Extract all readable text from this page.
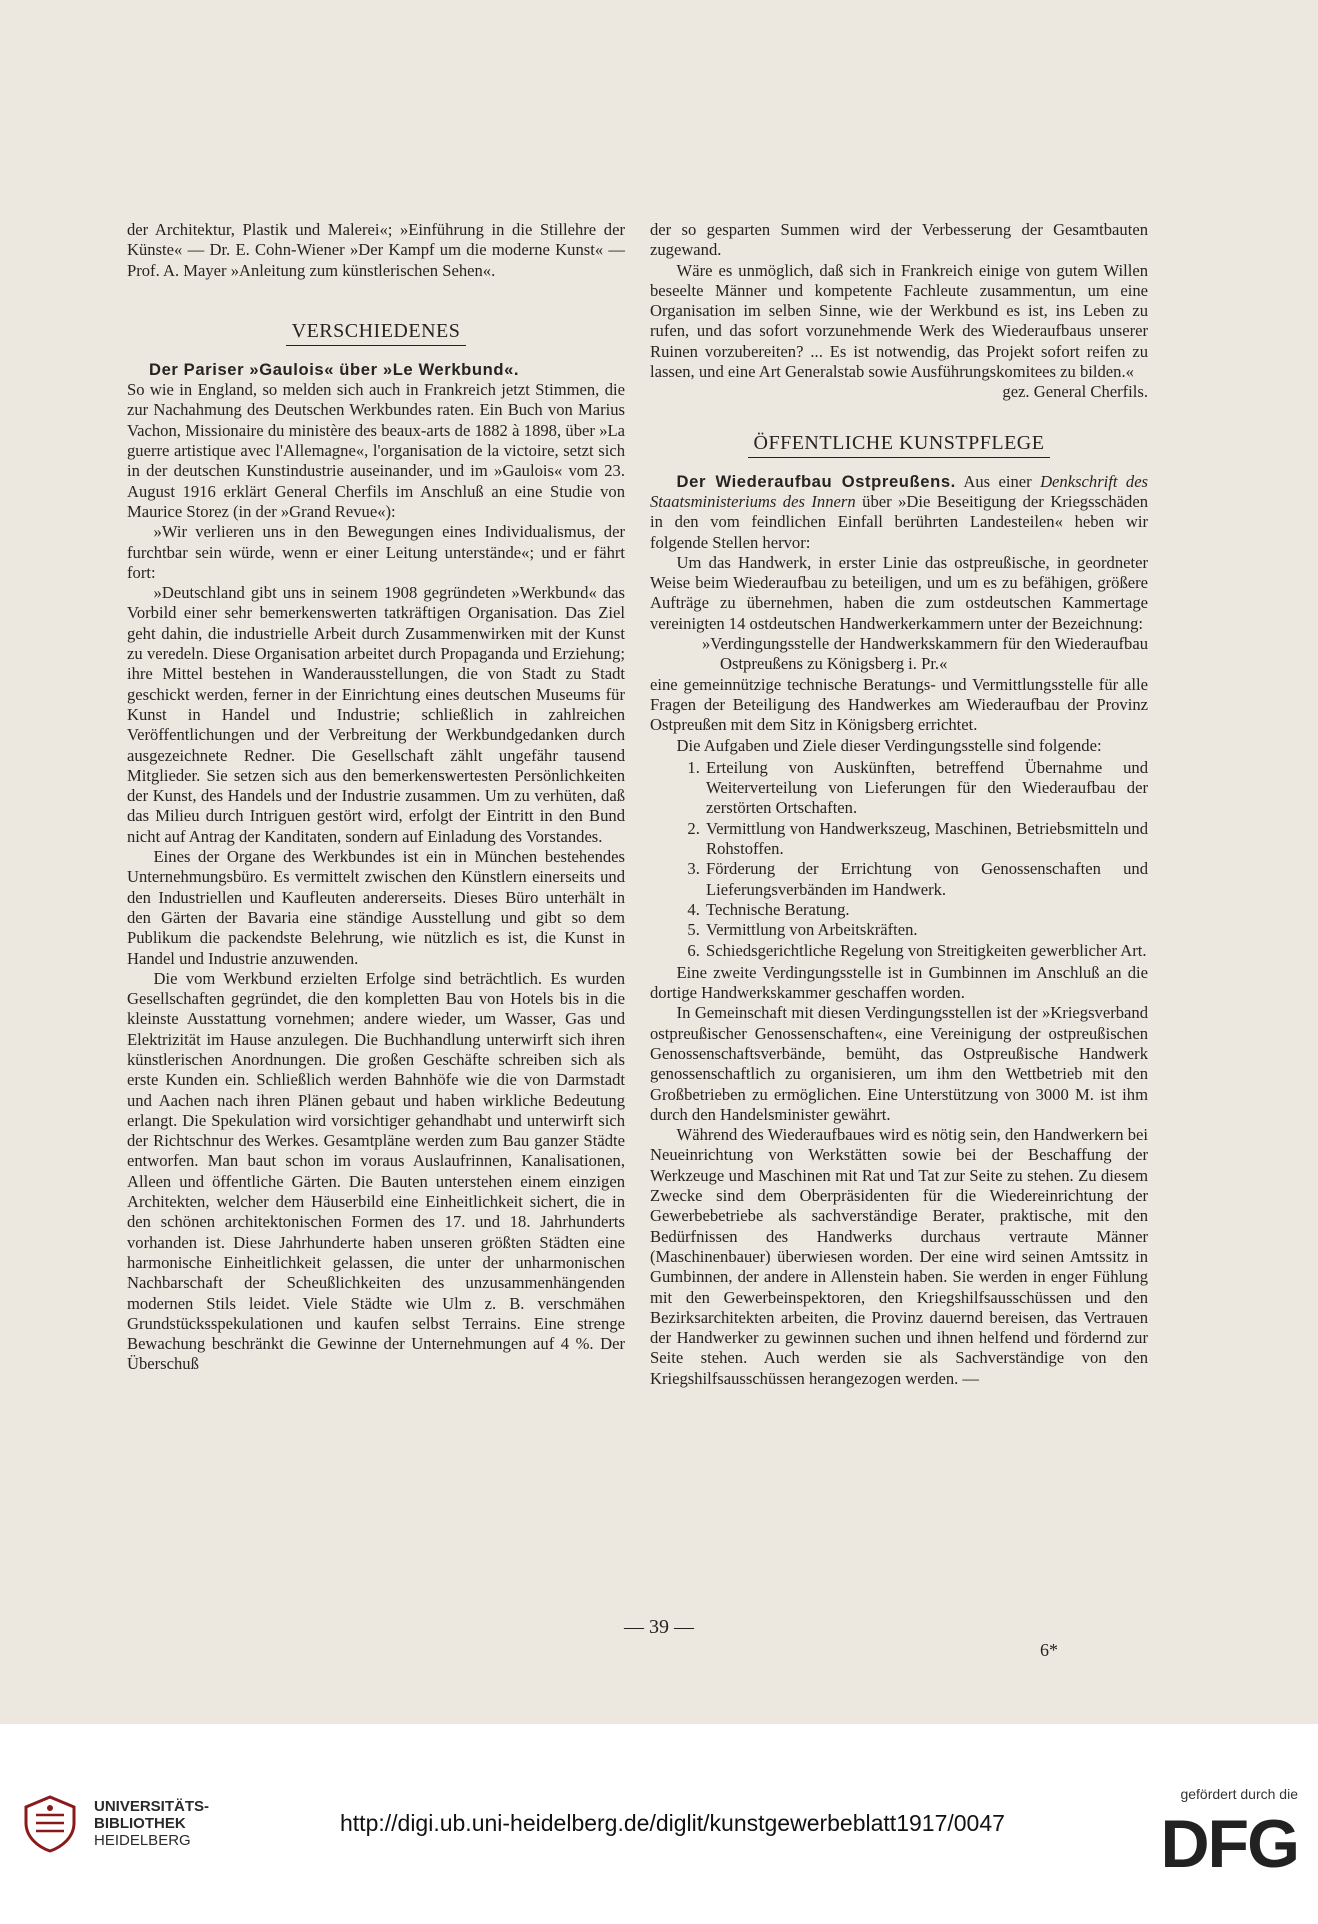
der Architektur, Plastik und Malerei«; »Einführung in die Stillehre der Künste« — Dr. E. Cohn-Wiener »Der Kampf um die moderne Kunst« — Prof. A. Mayer »Anleitung zum künstlerischen Sehen«.

VERSCHIEDENES

Der Pariser »Gaulois« über »Le Werkbund«.

So wie in England, so melden sich auch in Frankreich jetzt Stimmen, die zur Nachahmung des Deutschen Werkbundes raten. Ein Buch von Marius Vachon, Missionaire du ministère des beaux-arts de 1882 à 1898, über »La guerre artistique avec l'Allemagne«, l'organisation de la victoire, setzt sich in der deutschen Kunstindustrie auseinander, und im »Gaulois« vom 23. August 1916 erklärt General Cherfils im Anschluß an eine Studie von Maurice Storez (in der »Grand Revue«):

»Wir verlieren uns in den Bewegungen eines Individualismus, der furchtbar sein würde, wenn er einer Leitung unterstände«; und er fährt fort:

»Deutschland gibt uns in seinem 1908 gegründeten »Werkbund« das Vorbild einer sehr bemerkenswerten tatkräftigen Organisation. Das Ziel geht dahin, die industrielle Arbeit durch Zusammenwirken mit der Kunst zu veredeln. Diese Organisation arbeitet durch Propaganda und Erziehung; ihre Mittel bestehen in Wanderausstellungen, die von Stadt zu Stadt geschickt werden, ferner in der Einrichtung eines deutschen Museums für Kunst in Handel und Industrie; schließlich in zahlreichen Veröffentlichungen und der Verbreitung der Werkbundgedanken durch ausgezeichnete Redner. Die Gesellschaft zählt ungefähr tausend Mitglieder. Sie setzen sich aus den bemerkenswertesten Persönlichkeiten der Kunst, des Handels und der Industrie zusammen. Um zu verhüten, daß das Milieu durch Intriguen gestört wird, erfolgt der Eintritt in den Bund nicht auf Antrag der Kanditaten, sondern auf Einladung des Vorstandes.

Eines der Organe des Werkbundes ist ein in München bestehendes Unternehmungsbüro. Es vermittelt zwischen den Künstlern einerseits und den Industriellen und Kaufleuten andererseits. Dieses Büro unterhält in den Gärten der Bavaria eine ständige Ausstellung und gibt so dem Publikum die packendste Belehrung, wie nützlich es ist, die Kunst in Handel und Industrie anzuwenden.

Die vom Werkbund erzielten Erfolge sind beträchtlich. Es wurden Gesellschaften gegründet, die den kompletten Bau von Hotels bis in die kleinste Ausstattung vornehmen; andere wieder, um Wasser, Gas und Elektrizität im Hause anzulegen. Die Buchhandlung unterwirft sich ihren künstlerischen Anordnungen. Die großen Geschäfte schreiben sich als erste Kunden ein. Schließlich werden Bahnhöfe wie die von Darmstadt und Aachen nach ihren Plänen gebaut und haben wirkliche Bedeutung erlangt. Die Spekulation wird vorsichtiger gehandhabt und unterwirft sich der Richtschnur des Werkes. Gesamtpläne werden zum Bau ganzer Städte entworfen. Man baut schon im voraus Auslaufrinnen, Kanalisationen, Alleen und öffentliche Gärten. Die Bauten unterstehen einem einzigen Architekten, welcher dem Häuserbild eine Einheitlichkeit sichert, die in den schönen architektonischen Formen des 17. und 18. Jahrhunderts vorhanden ist. Diese Jahrhunderte haben unseren größten Städten eine harmonische Einheitlichkeit gelassen, die unter der unharmonischen Nachbarschaft der Scheußlichkeiten des unzusammenhängenden modernen Stils leidet. Viele Städte wie Ulm z. B. verschmähen Grundstücksspekulationen und kaufen selbst Terrains. Eine strenge Bewachung beschränkt die Gewinne der Unternehmungen auf 4 %. Der Überschuß

der so gesparten Summen wird der Verbesserung der Gesamtbauten zugewand.

Wäre es unmöglich, daß sich in Frankreich einige von gutem Willen beseelte Männer und kompetente Fachleute zusammentun, um eine Organisation im selben Sinne, wie der Werkbund es ist, ins Leben zu rufen, und das sofort vorzunehmende Werk des Wiederaufbaus unserer Ruinen vorzubereiten? ... Es ist notwendig, das Projekt sofort reifen zu lassen, und eine Art Generalstab sowie Ausführungskomitees zu bilden.«

gez. General Cherfils.

ÖFFENTLICHE KUNSTPFLEGE

Der Wiederaufbau Ostpreußens. Aus einer Denkschrift des Staatsministeriums des Innern über »Die Beseitigung der Kriegsschäden in den vom feindlichen Einfall berührten Landesteilen« heben wir folgende Stellen hervor:

Um das Handwerk, in erster Linie das ostpreußische, in geordneter Weise beim Wiederaufbau zu beteiligen, und um es zu befähigen, größere Aufträge zu übernehmen, haben die zum ostdeutschen Kammertage vereinigten 14 ostdeutschen Handwerkerkammern unter der Bezeichnung:

»Verdingungsstelle der Handwerkskammern für den Wiederaufbau Ostpreußens zu Königsberg i. Pr.«

eine gemeinnützige technische Beratungs- und Vermittlungsstelle für alle Fragen der Beteiligung des Handwerkes am Wiederaufbau der Provinz Ostpreußen mit dem Sitz in Königsberg errichtet.

Die Aufgaben und Ziele dieser Verdingungsstelle sind folgende:

1. Erteilung von Auskünften, betreffend Übernahme und Weiterverteilung von Lieferungen für den Wiederaufbau der zerstörten Ortschaften.
2. Vermittlung von Handwerkszeug, Maschinen, Betriebsmitteln und Rohstoffen.
3. Förderung der Errichtung von Genossenschaften und Lieferungsverbänden im Handwerk.
4. Technische Beratung.
5. Vermittlung von Arbeitskräften.
6. Schiedsgerichtliche Regelung von Streitigkeiten gewerblicher Art.

Eine zweite Verdingungsstelle ist in Gumbinnen im Anschluß an die dortige Handwerkskammer geschaffen worden.

In Gemeinschaft mit diesen Verdingungsstellen ist der »Kriegsverband ostpreußischer Genossenschaften«, eine Vereinigung der ostpreußischen Genossenschaftsverbände, bemüht, das Ostpreußische Handwerk genossenschaftlich zu organisieren, um ihm den Wettbetrieb mit den Großbetrieben zu ermöglichen. Eine Unterstützung von 3000 M. ist ihm durch den Handelsminister gewährt.

Während des Wiederaufbaues wird es nötig sein, den Handwerkern bei Neueinrichtung von Werkstätten sowie bei der Beschaffung der Werkzeuge und Maschinen mit Rat und Tat zur Seite zu stehen. Zu diesem Zwecke sind dem Oberpräsidenten für die Wiedereinrichtung der Gewerbebetriebe als sachverständige Berater, praktische, mit den Bedürfnissen des Handwerks durchaus vertraute Männer (Maschinenbauer) überwiesen worden. Der eine wird seinen Amtssitz in Gumbinnen, der andere in Allenstein haben. Sie werden in enger Fühlung mit den Gewerbeinspektoren, den Kriegshilfsausschüssen und den Bezirksarchitekten arbeiten, die Provinz dauernd bereisen, das Vertrauen der Handwerker zu gewinnen suchen und ihnen helfend und fördernd zur Seite stehen. Auch werden sie als Sachverständige von den Kriegshilfsausschüssen herangezogen werden. —

— 39 —
6*
UNIVERSITÄTS-
BIBLIOTHEK
HEIDELBERG
http://digi.ub.uni-heidelberg.de/diglit/kunstgewerbeblatt1917/0047
gefördert durch die
DFG
